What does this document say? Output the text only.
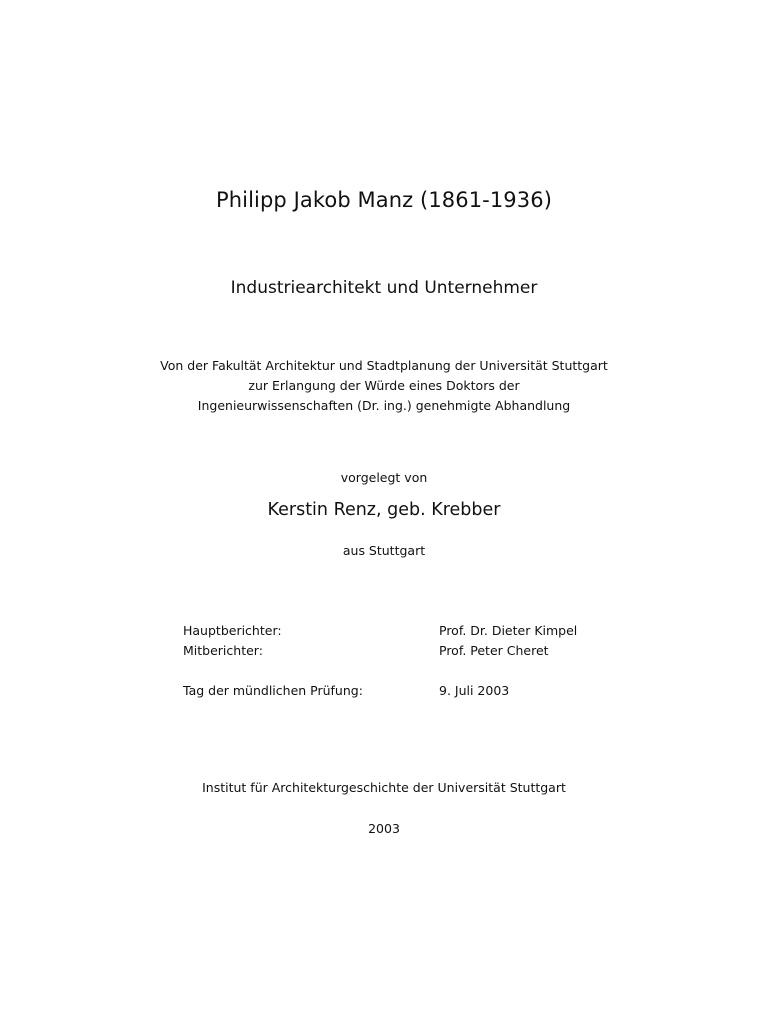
Philipp Jakob Manz (1861-1936)
Industriearchitekt und Unternehmer
Von der Fakultät Architektur und Stadtplanung der Universität Stuttgart
zur Erlangung der Würde eines Doktors der
Ingenieurwissenschaften (Dr. ing.) genehmigte Abhandlung
vorgelegt von
Kerstin Renz, geb. Krebber
aus Stuttgart
Hauptberichter:	Prof. Dr. Dieter Kimpel
Mitberichter:	Prof. Peter Cheret
Tag der mündlichen Prüfung:	9. Juli 2003
Institut für Architekturgeschichte der Universität Stuttgart
2003
